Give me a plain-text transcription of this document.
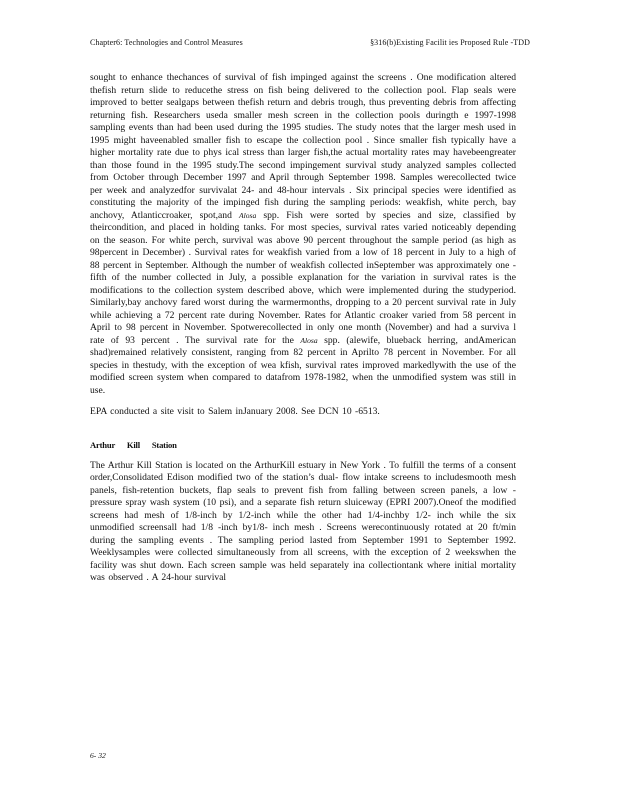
Chapter6: Technologies and Control Measures	§316(b)Existing Facilit ies Proposed Rule -TDD

sought to enhance thechances of survival of fish impinged against the screens . One modification altered thefish return slide to reducethe stress on fish being delivered to the collection pool. Flap seals were improved to better sealgaps between thefish return and debris trough, thus preventing debris from affecting returning fish. Researchers useda smaller mesh screen in the collection pools duringth e 1997-1998 sampling events than had been used during the 1995 studies. The study notes that the larger mesh used in 1995 might haveenabled smaller fish to escape the collection pool . Since smaller fish typically have a higher mortality rate due to phys ical stress than larger fish,the actual mortality rates may havebeengreater than those found in the 1995 study.The second impingement survival study analyzed samples collected from October through December 1997 and April through September 1998. Samples werecollected twice per week and analyzedfor survivalat 24- and 48-hour intervals . Six principal species were identified as constituting the majority of the impinged fish during the sampling periods: weakfish, white perch, bay anchovy, Atlanticcroaker, spot,and Alosa spp. Fish were sorted by species and size, classified by theircondition, and placed in holding tanks. For most species, survival rates varied noticeably depending on the season. For white perch, survival was above 90 percent throughout the sample period (as high as 98percent in December) . Survival rates for weakfish varied from a low of 18 percent in July to a high of 88 percent in September. Although the number of weakfish collected inSeptember was approximately one -fifth of the number collected in July, a possible explanation for the variation in survival rates is the modifications to the collection system described above, which were implemented during the studyperiod. Similarly,bay anchovy fared worst during the warmermonths, dropping to a 20 percent survival rate in July while achieving a 72 percent rate during November. Rates for Atlantic croaker varied from 58 percent in April to 98 percent in November. Spotwerecollected in only one month (November) and had a surviva l rate of 93 percent . The survival rate for the Alosa spp. (alewife, blueback herring, andAmerican shad)remained relatively consistent, ranging from 82 percent in Aprilto 78 percent in November. For all species in thestudy, with the exception of wea kfish, survival rates improved markedlywith the use of the modified screen system when compared to datafrom 1978-1982, when the unmodified system was still in use.

EPA conducted a site visit to Salem inJanuary 2008. See DCN 10 -6513.

Arthur Kill Station

The Arthur Kill Station is located on the ArthurKill estuary in New York . To fulfill the terms of a consent order,Consolidated Edison modified two of the station’s dual- flow intake screens to includesmooth mesh panels, fish-retention buckets, flap seals to prevent fish from falling between screen panels, a low -pressure spray wash system (10 psi), and a separate fish return sluiceway (EPRI 2007).Oneof the modified screens had mesh of 1/8-inch by 1/2-inch while the other had 1/4-inchby 1/2- inch while the six unmodified screensall had 1/8 -inch by1/8- inch mesh . Screens werecontinuously rotated at 20 ft/min during the sampling events . The sampling period lasted from September 1991 to September 1992. Weeklysamples were collected simultaneously from all screens, with the exception of 2 weekswhen the facility was shut down. Each screen sample was held separately ina collectiontank where initial mortality was observed . A 24-hour survival

6- 32
